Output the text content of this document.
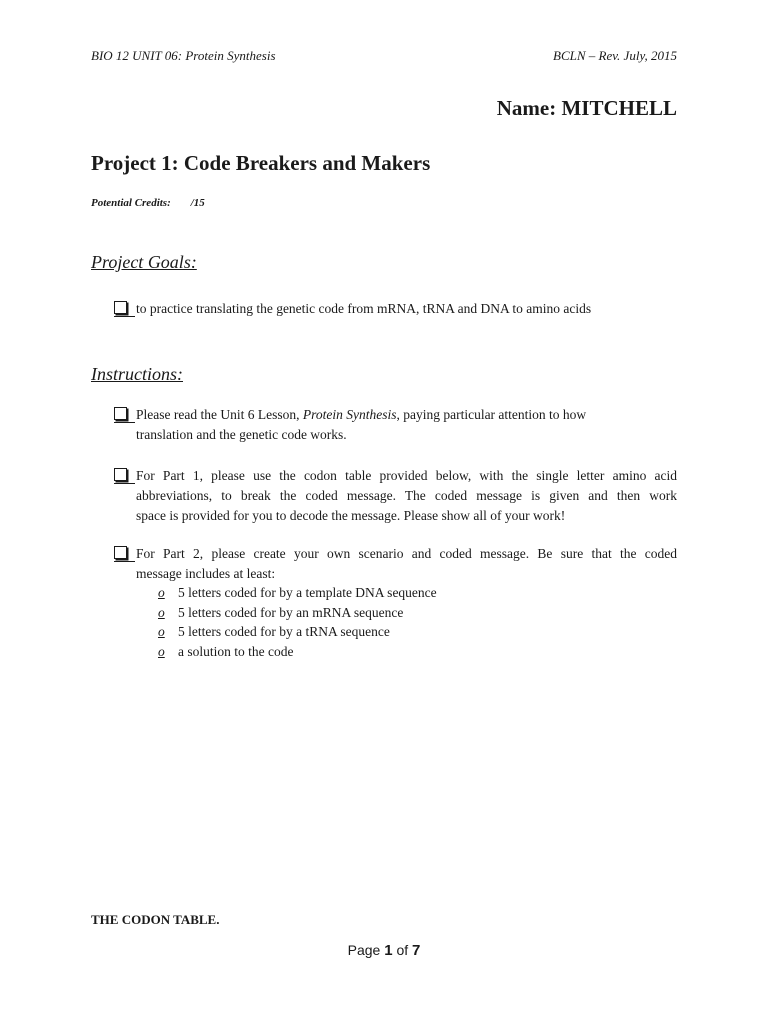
BIO 12 UNIT 06: Protein Synthesis	BCLN – Rev. July, 2015
Name: MITCHELL
Project 1: Code Breakers and Makers
Potential Credits: /15
Project Goals:
to practice translating the genetic code from mRNA, tRNA and DNA to amino acids
Instructions:
Please read the Unit 6 Lesson, Protein Synthesis, paying particular attention to how
translation and the genetic code works.
For Part 1, please use the codon table provided below, with the single letter amino acid
abbreviations, to break the coded message. The coded message is given and then work
space is provided for you to decode the message. Please show all of your work!
For Part 2, please create your own scenario and coded message. Be sure that the coded
message includes at least:
o 5 letters coded for by a template DNA sequence
o 5 letters coded for by an mRNA sequence
o 5 letters coded for by a tRNA sequence
o a solution to the code
THE CODON TABLE.
Page 1 of 7
